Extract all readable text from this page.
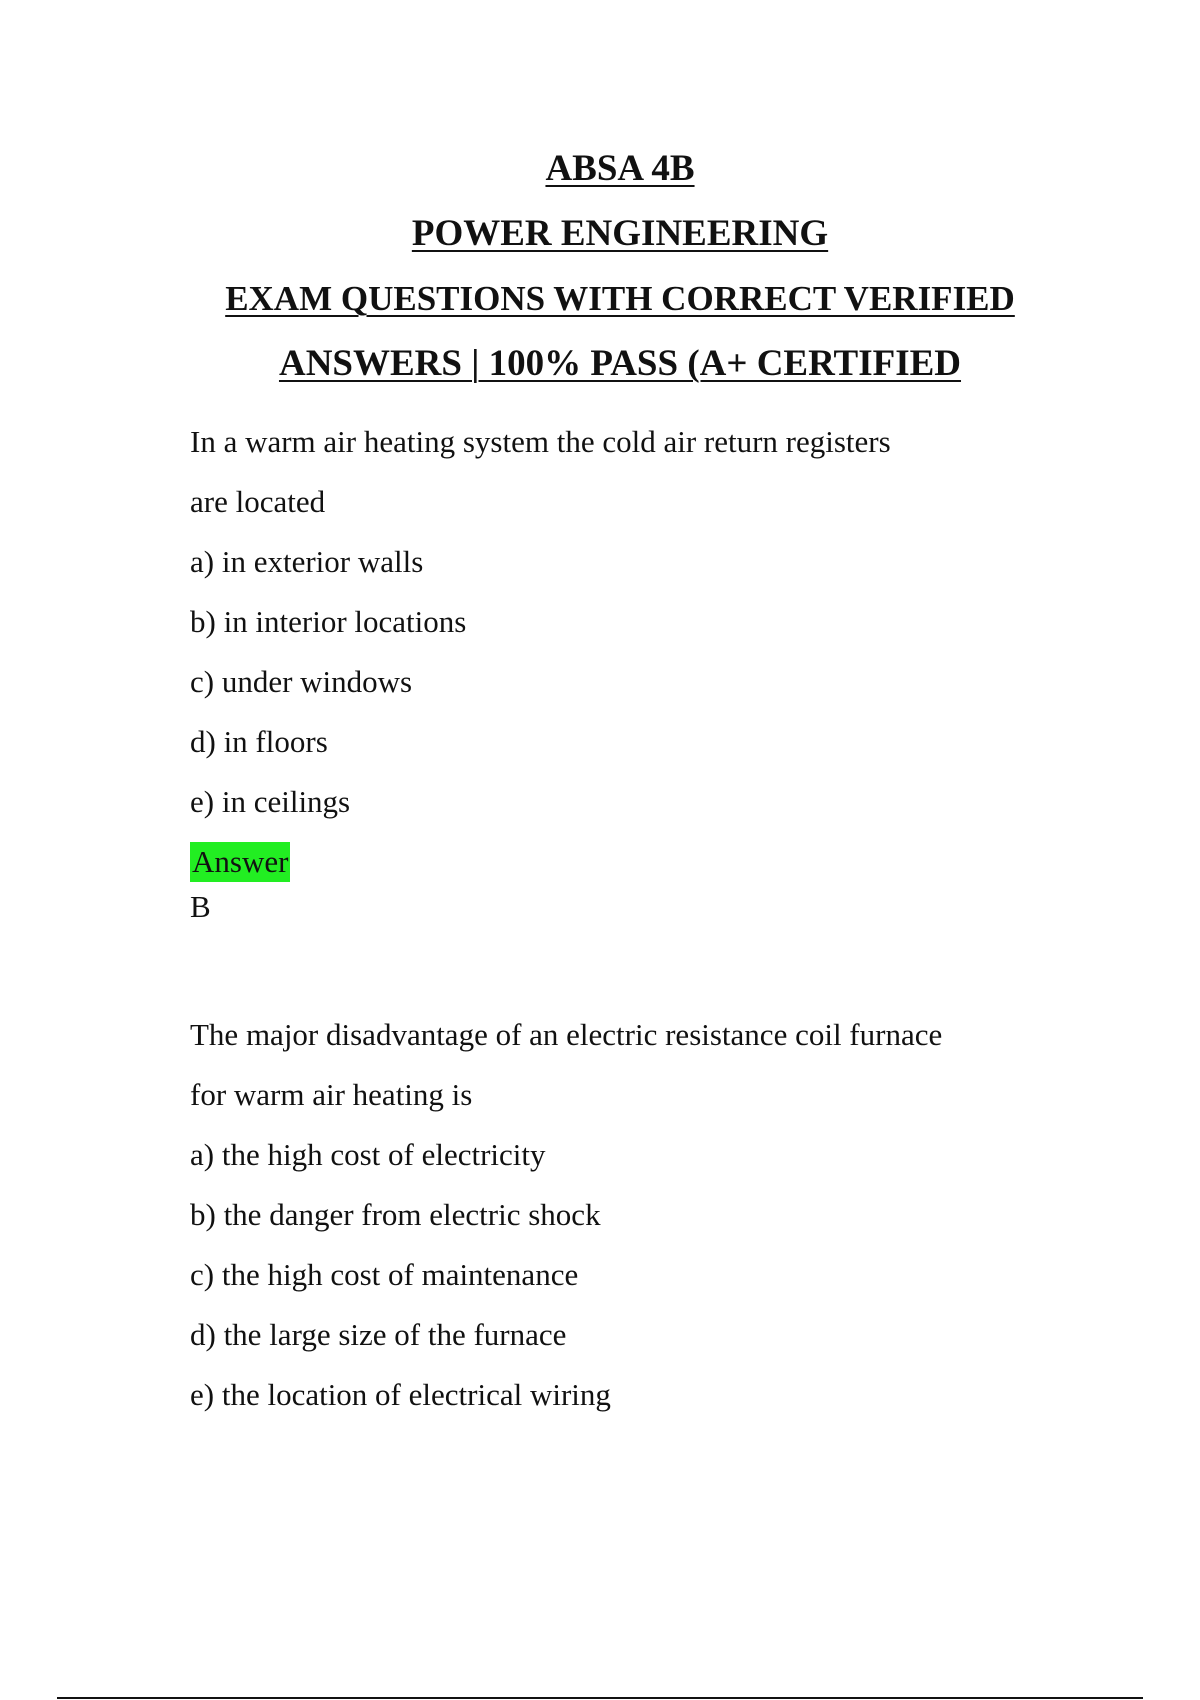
ABSA 4B
POWER ENGINEERING
EXAM QUESTIONS WITH CORRECT VERIFIED
ANSWERS | 100% PASS (A+ CERTIFIED

In a warm air heating system the cold air return registers

are located

a) in exterior walls

b) in interior locations

c) under windows

d) in floors

e) in ceilings

Answer

B

The major disadvantage of an electric resistance coil furnace

for warm air heating is

a) the high cost of electricity

b) the danger from electric shock

c) the high cost of maintenance

d) the large size of the furnace

e) the location of electrical wiring
